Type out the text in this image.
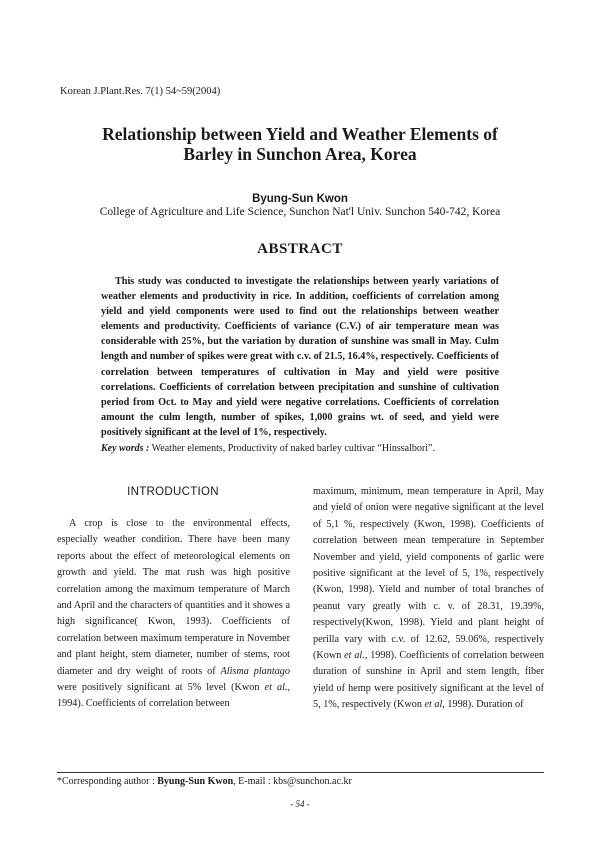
Korean J.Plant.Res. 7(1) 54~59(2004)
Relationship between Yield and Weather Elements of
Barley in Sunchon Area, Korea
Byung-Sun Kwon
College of Agriculture and Life Science, Sunchon Nat'l Univ. Sunchon 540-742, Korea
ABSTRACT
This study was conducted to investigate the relationships between yearly variations of weather elements and productivity in rice. In addition, coefficients of correlation among yield and yield components were used to find out the relationships between weather elements and productivity. Coefficients of variance (C.V.) of air temperature mean was considerable with 25%, but the variation by duration of sunshine was small in May. Culm length and number of spikes were great with c.v. of 21.5, 16.4%, respectively. Coefficients of correlation between temperatures of cultivation in May and yield were positive correlations. Coefficients of correlation between precipitation and sunshine of cultivation period from Oct. to May and yield were negative correlations. Coefficients of correlation amount the culm length, number of spikes, 1,000 grains wt. of seed, and yield were positively significant at the level of 1%, respectively.
Key words : Weather elements, Productivity of naked barley cultivar “Hinssalbori”.
INTRODUCTION
A crop is close to the environmental effects, especially weather condition. There have been many reports about the effect of meteorological elements on growth and yield. The mat rush was high positive correlation among the maximum temperature of March and April and the characters of quantities and it showes a high significance( Kwon, 1993). Coefficients of correlation between maximum temperature in November and plant height, stem diameter, number of stems, root diameter and dry weight of roots of Alisma plantago were positively significant at 5% level (Kwon et al., 1994). Coefficients of correlation between
maximum, minimum, mean temperature in April, May and yield of onion were negative significant at the level of 5,1 %, respectively (Kwon, 1998). Coefficients of correlation between mean temperature in September November and yield, yield components of garlic were positive significant at the level of 5, 1%, respectively (Kwon, 1998). Yield and number of total branches of peanut vary greatly with c. v. of 28.31, 19.39%, respectively(Kwon, 1998). Yield and plant height of perilla vary with c.v. of 12.62, 59.06%, respectively (Kown et al., 1998). Coefficients of correlation between duration of sunshine in April and stem length, fiber yield of hemp were positively significant at the level of 5, 1%, respectively (Kwon et al, 1998). Duration of
*Corresponding author : Byung-Sun Kwon, E-mail : kbs@sunchon.ac.kr
- 54 -
